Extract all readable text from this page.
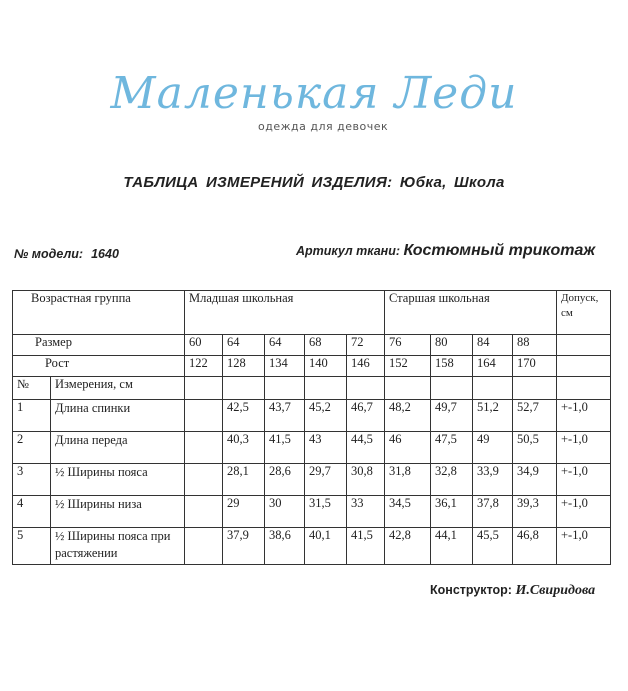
Маленькая Леди
одежда для девочек
ТАБЛИЦА ИЗМЕРЕНИЙ ИЗДЕЛИЯ: Юбка, Школа
№ модели: 1640	Артикул ткани: Костюмный трикотаж
Возрастная группа		Младшая школьная					Старшая школьная				Допуск, см
Размер		60	64	64	68	72	76	80	84	88	
Рост		122	128	134	140	146	152	158	164	170	
№	Измерения, см										
1	Длина спинки		42,5	43,7	45,2	46,7	48,2	49,7	51,2	52,7	+-1,0
2	Длина переда		40,3	41,5	43	44,5	46	47,5	49	50,5	+-1,0
3	½ Ширины пояса		28,1	28,6	29,7	30,8	31,8	32,8	33,9	34,9	+-1,0
4	½ Ширины низа		29	30	31,5	33	34,5	36,1	37,8	39,3	+-1,0
5	½ Ширины пояса при растяжении		37,9	38,6	40,1	41,5	42,8	44,1	45,5	46,8	+-1,0
Конструктор: И.Свиридова
